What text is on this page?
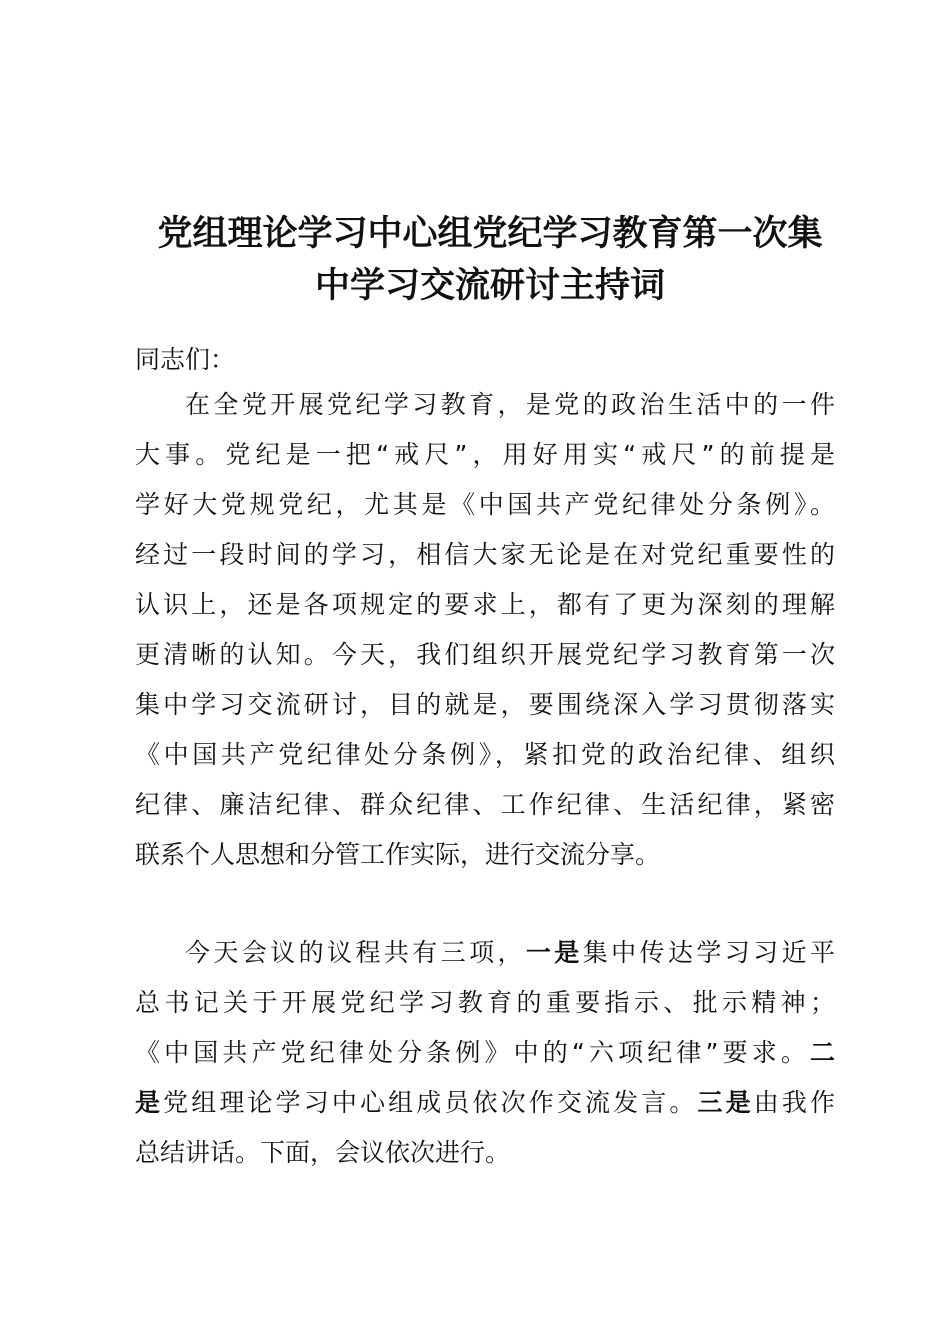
党组理论学习中心组党纪学习教育第一次集
中学习交流研讨主持词

同志们：

在全党开展党纪学习教育，是党的政治生活中的一件
大事。党纪是一把“戒尺”，用好用实“戒尺”的前提是
学好大党规党纪，尤其是《中国共产党纪律处分条例》。
经过一段时间的学习，相信大家无论是在对党纪重要性的
认识上，还是各项规定的要求上，都有了更为深刻的理解
更清晰的认知。今天，我们组织开展党纪学习教育第一次
集中学习交流研讨，目的就是，要围绕深入学习贯彻落实
《中国共产党纪律处分条例》，紧扣党的政治纪律、组织
纪律、廉洁纪律、群众纪律、工作纪律、生活纪律，紧密
联系个人思想和分管工作实际，进行交流分享。
今天会议的议程共有三项，一是集中传达学习习近平
总书记关于开展党纪学习教育的重要指示、批示精神；
《中国共产党纪律处分条例》中的“六项纪律”要求。二
是党组理论学习中心组成员依次作交流发言。三是由我作
总结讲话。下面，会议依次进行。
